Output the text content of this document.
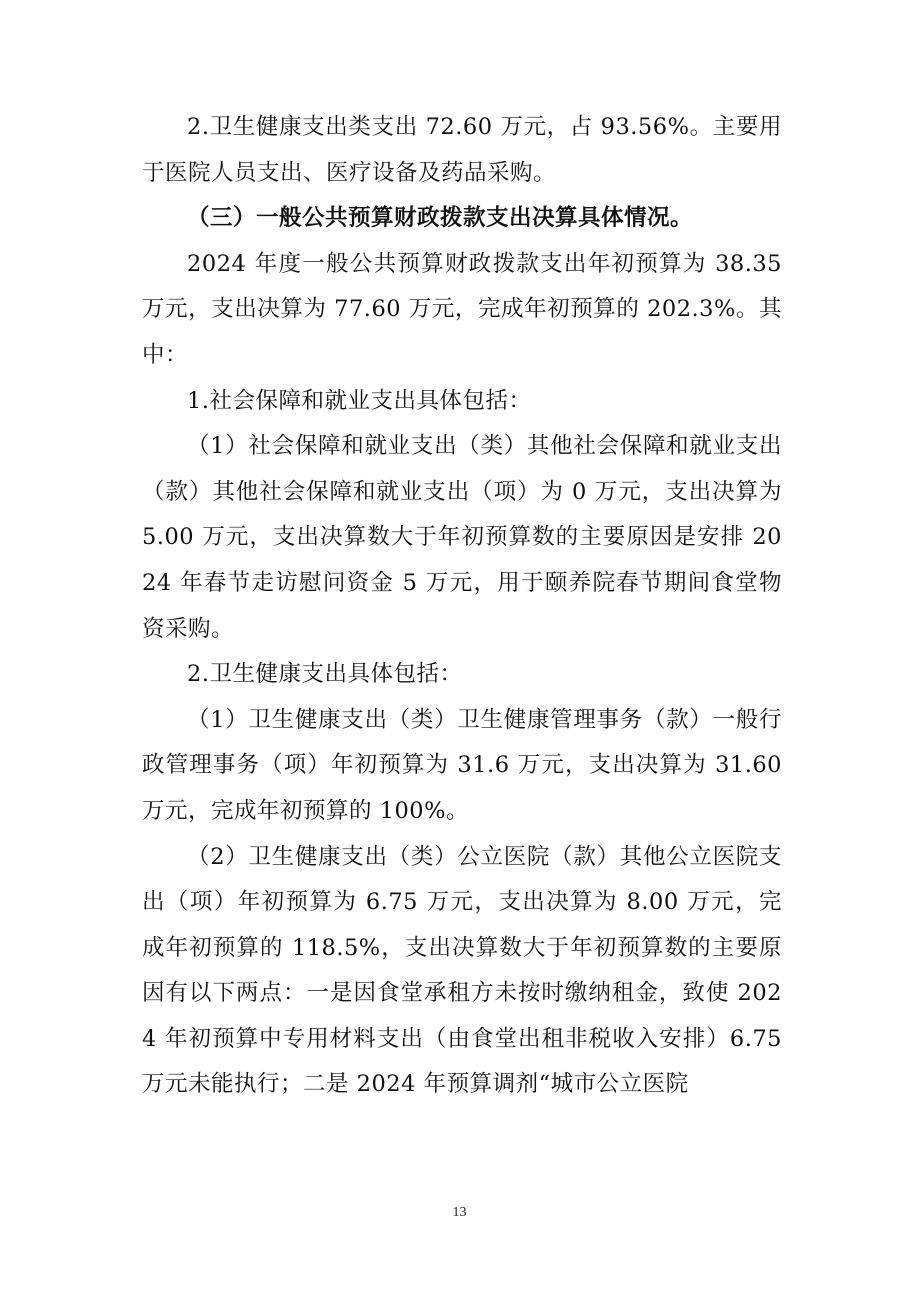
2.卫生健康支出类支出 72.60 万元，占 93.56%。主要用于医院人员支出、医疗设备及药品采购。

（三）一般公共预算财政拨款支出决算具体情况。

2024 年度一般公共预算财政拨款支出年初预算为 38.35 万元，支出决算为 77.60 万元，完成年初预算的 202.3%。其中：

1.社会保障和就业支出具体包括：

（1）社会保障和就业支出（类）其他社会保障和就业支出（款）其他社会保障和就业支出（项）为 0 万元，支出决算为 5.00 万元，支出决算数大于年初预算数的主要原因是安排 2024 年春节走访慰问资金 5 万元，用于颐养院春节期间食堂物资采购。

2.卫生健康支出具体包括：

（1）卫生健康支出（类）卫生健康管理事务（款）一般行政管理事务（项）年初预算为 31.6 万元，支出决算为 31.60 万元，完成年初预算的 100%。

（2）卫生健康支出（类）公立医院（款）其他公立医院支出（项）年初预算为 6.75 万元，支出决算为 8.00 万元，完成年初预算的 118.5%，支出决算数大于年初预算数的主要原因有以下两点：一是因食堂承租方未按时缴纳租金，致使 2024 年初预算中专用材料支出（由食堂出租非税收入安排）6.75 万元未能执行；二是 2024 年预算调剂“城市公立医院

13
